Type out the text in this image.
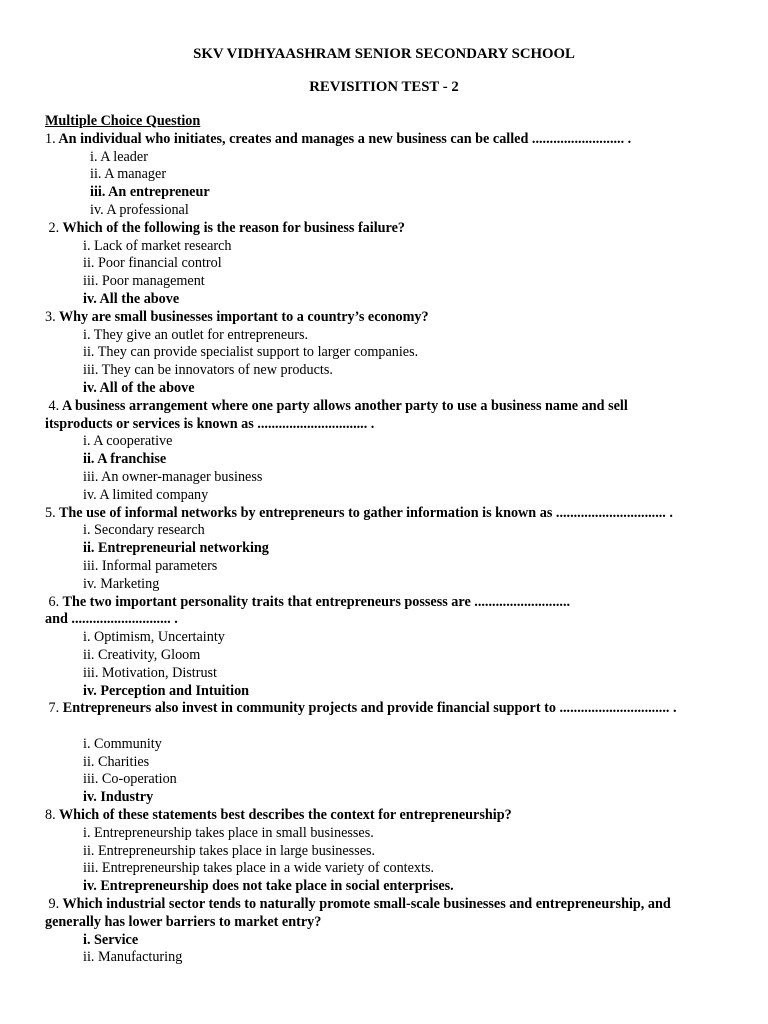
SKV VIDHYAASHRAM SENIOR SECONDARY SCHOOL
REVISITION TEST - 2
Multiple Choice Question
1. An individual who initiates, creates and manages a new business can be called .......................... .
i. A leader
ii. A manager
iii. An entrepreneur
iv. A professional
2. Which of the following is the reason for business failure?
i. Lack of market research
ii. Poor financial control
iii. Poor management
iv. All the above
3. Why are small businesses important to a country’s economy?
i. They give an outlet for entrepreneurs.
ii. They can provide specialist support to larger companies.
iii. They can be innovators of new products.
iv. All of the above
4. A business arrangement where one party allows another party to use a business name and sell
itsproducts or services is known as ............................... .
i. A cooperative
ii. A franchise
iii. An owner-manager business
iv. A limited company
5. The use of informal networks by entrepreneurs to gather information is known as ............................... .
i. Secondary research
ii. Entrepreneurial networking
iii. Informal parameters
iv. Marketing
6. The two important personality traits that entrepreneurs possess are ...........................
and ............................ .
i. Optimism, Uncertainty
ii. Creativity, Gloom
iii. Motivation, Distrust
iv. Perception and Intuition
7. Entrepreneurs also invest in community projects and provide financial support to ............................... .
i. Community
ii. Charities
iii. Co-operation
iv. Industry
8. Which of these statements best describes the context for entrepreneurship?
i. Entrepreneurship takes place in small businesses.
ii. Entrepreneurship takes place in large businesses.
iii. Entrepreneurship takes place in a wide variety of contexts.
iv. Entrepreneurship does not take place in social enterprises.
9. Which industrial sector tends to naturally promote small-scale businesses and entrepreneurship, and
generally has lower barriers to market entry?
i. Service
ii. Manufacturing
